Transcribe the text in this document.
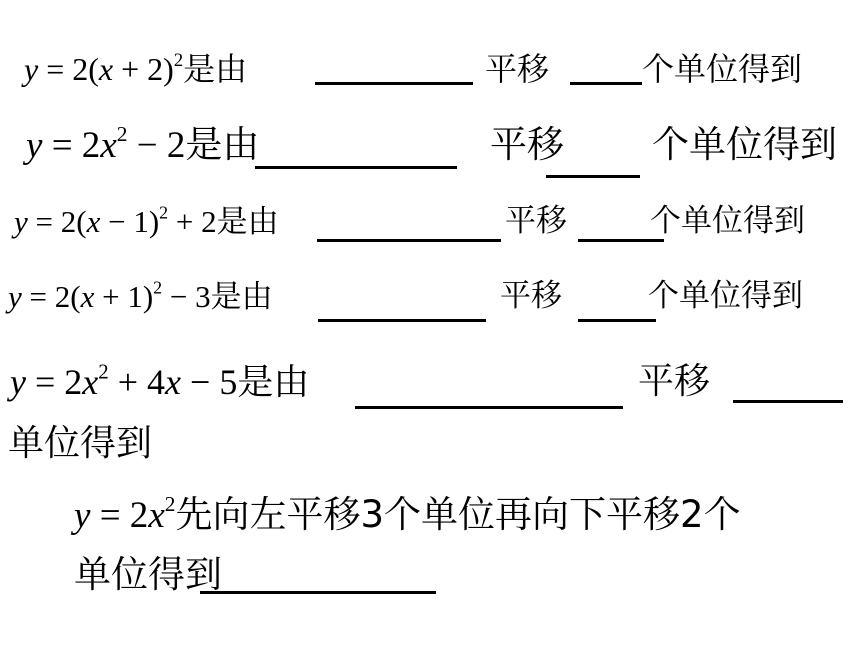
$y = 2(x + 2)^2$是由	平移	个单位得到
$y = 2x^2 - 2$是由	平移 个单位得到
$y = 2(x - 1)^2 + 2$是由	平移	个单位得到
$y = 2(x + 1)^2 - 3$是由	平移	个单位得到
$y = 2x^2 + 4x - 5$是由	平移
单位得到
$y = 2x^2$先向左平移3个单位再向下平移2个
单位得到
